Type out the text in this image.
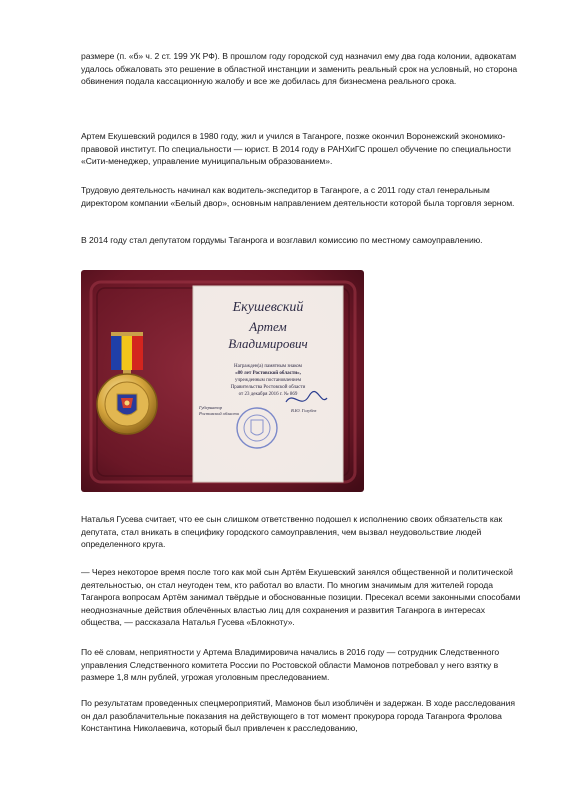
размере (п. «б» ч. 2 ст. 199 УК РФ). В прошлом году городской суд назначил ему два года колонии, адвокатам удалось обжаловать это решение в областной инстанции и заменить реальный срок на условный, но сторона обвинения подала кассационную жалобу и все же добилась для бизнесмена реального срока.

Артем Екушевский родился в 1980 году, жил и учился в Таганроге, позже окончил Воронежский экономико-правовой институт. По специальности — юрист. В 2014 году в РАНХиГС прошел обучение по специальности «Сити-менеджер, управление муниципальным образованием».

Трудовую деятельность начинал как водитель-экспедитор в Таганроге, а с 2011 году стал генеральным директором компании «Белый двор», основным направлением деятельности которой была торговля зерном.

В 2014 году стал депутатом гордумы Таганрога и возглавил комиссию по местному самоуправлению.

Екушевский
Артем
Владимирович
Награжден(а) памятным знаком
«80 лет Ростовской области»,
учрежденным постановлением
Правительства Ростовской области
от 23 декабря 2016 г. № 869
Губернатор
Ростовской области
В.Ю. Голубев

Наталья Гусева считает, что ее сын слишком ответственно подошел к исполнению своих обязательств как депутата, стал вникать в специфику городского самоуправления, чем вызвал неудовольствие людей определенного круга.

— Через некоторое время после того как мой сын Артём Екушевский занялся общественной и политической деятельностью, он стал неугоден тем, кто работал во власти. По многим значимым для жителей города Таганрога вопросам Артём занимал твёрдые и обоснованные позиции. Пресекал всеми законными способами неоднозначные действия облечённых властью лиц для сохранения и развития Таганрога в интересах общества, — рассказала Наталья Гусева «Блокноту».

По её словам, неприятности у Артема Владимировича начались в 2016 году — сотрудник Следственного управления Следственного комитета России по Ростовской области Мамонов потребовал у него взятку в размере 1,8 млн рублей, угрожая уголовным преследованием.

По результатам проведенных спецмероприятий, Мамонов был изобличён и задержан. В ходе расследования он дал разоблачительные показания на действующего в тот момент прокурора города Таганрога Фролова Константина Николаевича, который был привлечен к расследованию,
